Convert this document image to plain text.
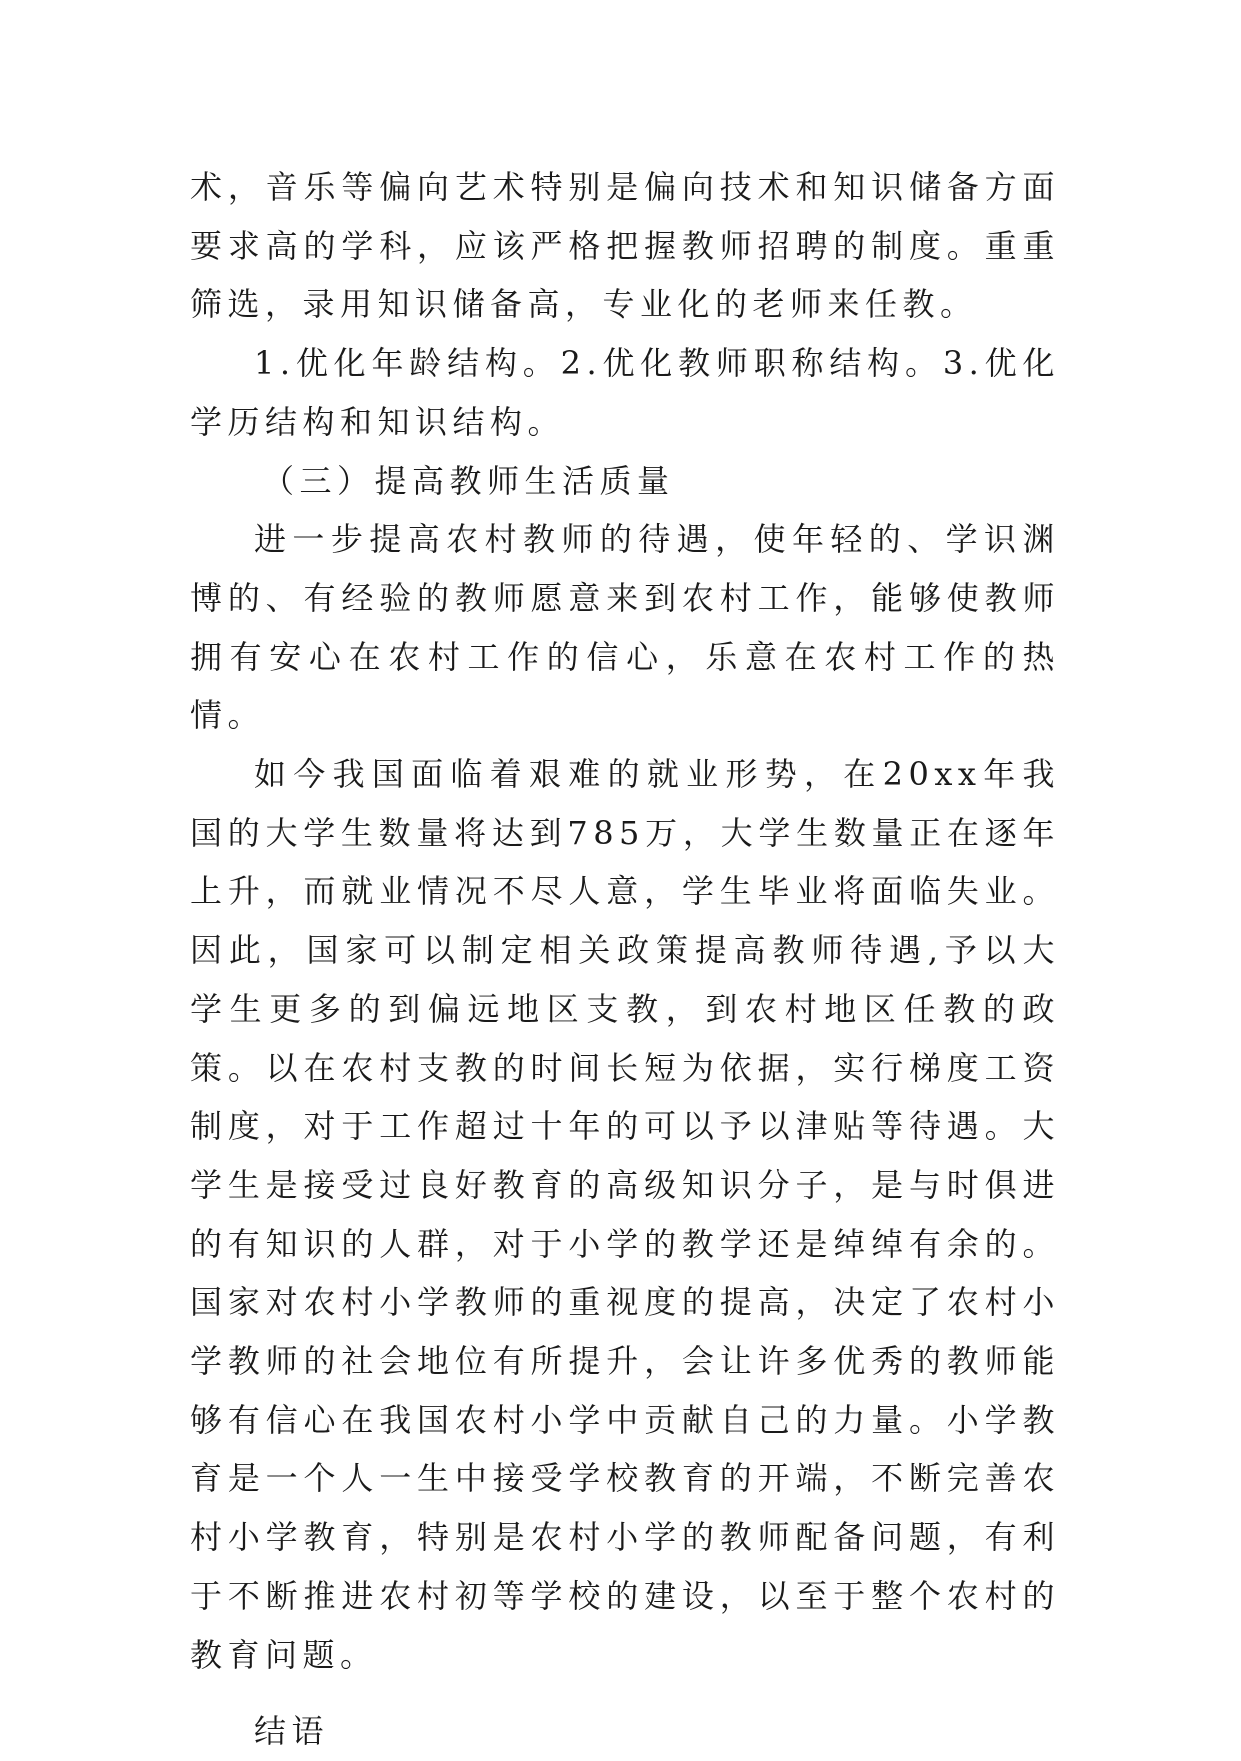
术，音乐等偏向艺术特别是偏向技术和知识储备方面要求高的学科，应该严格把握教师招聘的制度。重重筛选，录用知识储备高，专业化的老师来任教。

1.优化年龄结构。2.优化教师职称结构。3.优化学历结构和知识结构。

（三）提高教师生活质量

进一步提高农村教师的待遇，使年轻的、学识渊博的、有经验的教师愿意来到农村工作，能够使教师拥有安心在农村工作的信心，乐意在农村工作的热情。

如今我国面临着艰难的就业形势，在20xx年我国的大学生数量将达到785万，大学生数量正在逐年上升，而就业情况不尽人意，学生毕业将面临失业。因此，国家可以制定相关政策提高教师待遇,予以大学生更多的到偏远地区支教，到农村地区任教的政策。以在农村支教的时间长短为依据，实行梯度工资制度，对于工作超过十年的可以予以津贴等待遇。大学生是接受过良好教育的高级知识分子，是与时俱进的有知识的人群，对于小学的教学还是绰绰有余的。国家对农村小学教师的重视度的提高，决定了农村小学教师的社会地位有所提升，会让许多优秀的教师能够有信心在我国农村小学中贡献自己的力量。小学教育是一个人一生中接受学校教育的开端，不断完善农村小学教育，特别是农村小学的教师配备问题，有利于不断推进农村初等学校的建设，以至于整个农村的教育问题。

结语
